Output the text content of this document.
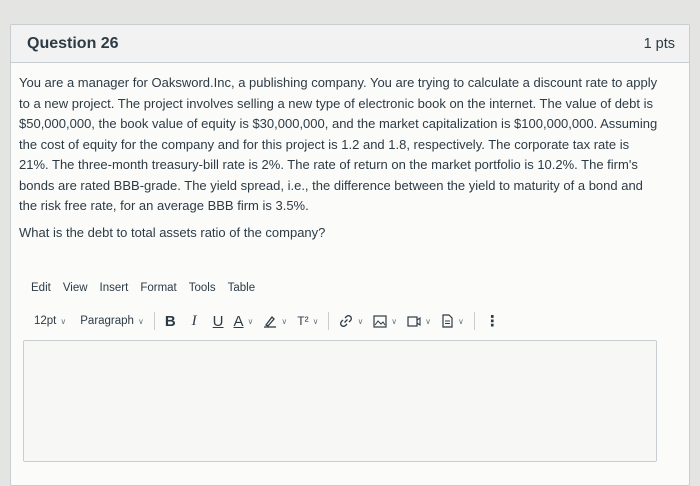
Question 26	1 pts

You are a manager for Oaksword.Inc, a publishing company. You are trying to calculate a discount rate to apply to a new project. The project involves selling a new type of electronic book on the internet. The value of debt is $50,000,000, the book value of equity is $30,000,000, and the market capitalization is $100,000,000. Assuming the cost of equity for the company and for this project is 1.2 and 1.8, respectively. The corporate tax rate is 21%. The three-month treasury-bill rate is 2%. The rate of return on the market portfolio is 10.2%. The firm's bonds are rated BBB-grade. The yield spread, i.e., the difference between the yield to maturity of a bond and the risk free rate, for an average BBB firm is 3.5%.

What is the debt to total assets ratio of the company?

Edit View Insert Format Tools Table
12pt ∨ Paragraph ∨ B I U A ∨	∨ T² ∨	∨	∨	∨	∨ ⋮
